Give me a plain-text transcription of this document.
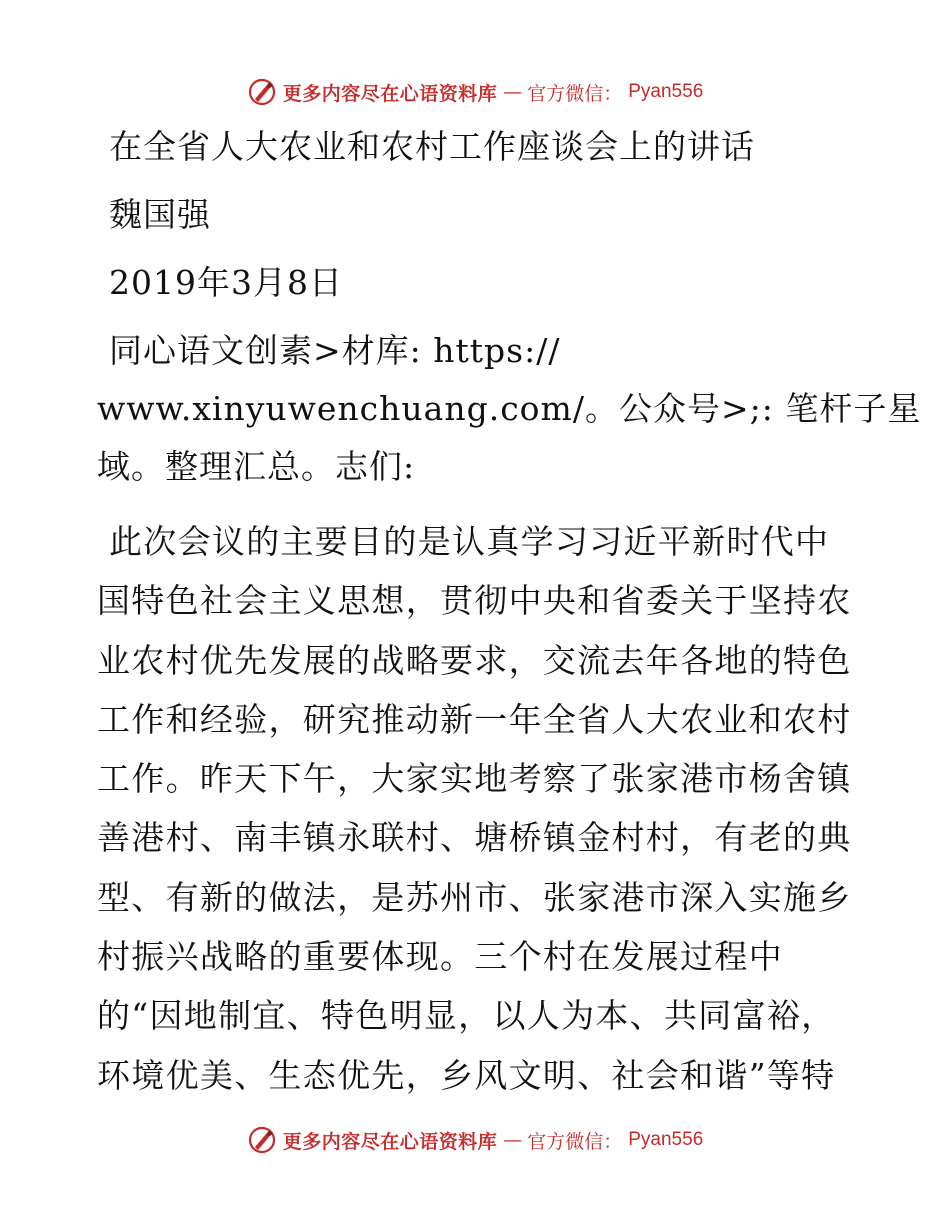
更多内容尽在心语资料库 — 官方微信： Pyan556

在全省人大农业和农村工作座谈会上的讲话

魏国强

2019年3月8日

同心语文创素>材库: https://

www.xinyuwenchuang.com/。公众号>;: 笔杆子星

域。整理汇总。志们:

此次会议的主要目的是认真学习习近平新时代中

国特色社会主义思想，贯彻中央和省委关于坚持农

业农村优先发展的战略要求，交流去年各地的特色

工作和经验，研究推动新一年全省人大农业和农村

工作。昨天下午，大家实地考察了张家港市杨舍镇

善港村、南丰镇永联村、塘桥镇金村村，有老的典

型、有新的做法，是苏州市、张家港市深入实施乡

村振兴战略的重要体现。三个村在发展过程中

的“因地制宜、特色明显，以人为本、共同富裕，

环境优美、生态优先，乡风文明、社会和谐”等特

更多内容尽在心语资料库 — 官方微信： Pyan556
